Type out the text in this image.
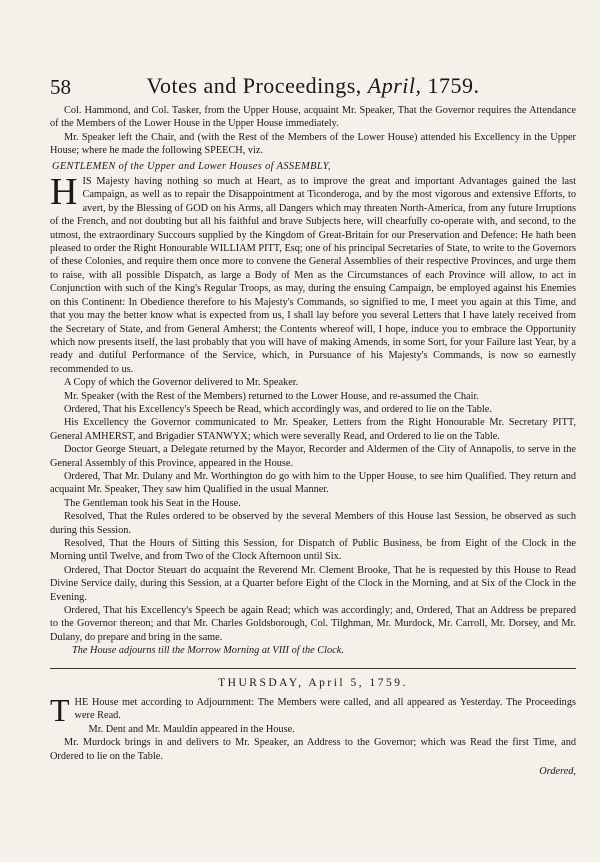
58	Votes and Proceedings, April, 1759.

Col. Hammond, and Col. Tasker, from the Upper House, acquaint Mr. Speaker, That the Governor requires the Attendance of the Members of the Lower House in the Upper House immediately.

Mr. Speaker left the Chair, and (with the Rest of the Members of the Lower House) attended his Excellency in the Upper House; where he made the following SPEECH, viz.

GENTLEMEN of the Upper and Lower Houses of ASSEMBLY,

HIS Majesty having nothing so much at Heart, as to improve the great and important Advantages gained the last Campaign, as well as to repair the Disappointment at Ticonderoga, and by the most vigorous and extensive Efforts, to avert, by the Blessing of GOD on his Arms, all Dangers which may threaten North-America, from any future Irruptions of the French, and not doubting but all his faithful and brave Subjects here, will chearfully co-operate with, and second, to the utmost, the extraordinary Succours supplied by the Kingdom of Great-Britain for our Preservation and Defence: He hath been pleased to order the Right Honourable WILLIAM PITT, Esq; one of his principal Secretaries of State, to write to the Governors of these Colonies, and require them once more to convene the General Assemblies of their respective Provinces, and urge them to raise, with all possible Dispatch, as large a Body of Men as the Circumstances of each Province will allow, to act in Conjunction with such of the King's Regular Troops, as may, during the ensuing Campaign, be employed against his Enemies on this Continent: In Obedience therefore to his Majesty's Commands, so signified to me, I meet you again at this Time, and that you may the better know what is expected from us, I shall lay before you several Letters that I have lately received from the Secretary of State, and from General Amherst; the Contents whereof will, I hope, induce you to embrace the Opportunity which now presents itself, the last probably that you will have of making Amends, in some Sort, for your Failure last Year, by a ready and dutiful Performance of the Service, which, in Pursuance of his Majesty's Commands, is now so earnestly recommended to us.

A Copy of which the Governor delivered to Mr. Speaker.

Mr. Speaker (with the Rest of the Members) returned to the Lower House, and re-assumed the Chair.

Ordered, That his Excellency's Speech be Read, which accordingly was, and ordered to lie on the Table.

His Excellency the Governor communicated to Mr. Speaker, Letters from the Right Honourable Mr. Secretary PITT, General AMHERST, and Brigadier STANWYX; which were severally Read, and Ordered to lie on the Table.

Doctor George Steuart, a Delegate returned by the Mayor, Recorder and Aldermen of the City of Annapolis, to serve in the General Assembly of this Province, appeared in the House.

Ordered, That Mr. Dulany and Mr. Worthington do go with him to the Upper House, to see him Qualified. They return and acquaint Mr. Speaker, They saw him Qualified in the usual Manner.

The Gentleman took his Seat in the House.

Resolved, That the Rules ordered to be observed by the several Members of this House last Session, be observed as such during this Session.

Resolved, That the Hours of Sitting this Session, for Dispatch of Public Business, be from Eight of the Clock in the Morning until Twelve, and from Two of the Clock Afternoon until Six.

Ordered, That Doctor Steuart do acquaint the Reverend Mr. Clement Brooke, That he is requested by this House to Read Divine Service daily, during this Session, at a Quarter before Eight of the Clock in the Morning, and at Six of the Clock in the Evening.

Ordered, That his Excellency's Speech be again Read; which was accordingly; and, Ordered, That an Address be prepared to the Governor thereon; and that Mr. Charles Goldsborough, Col. Tilghman, Mr. Murdock, Mr. Carroll, Mr. Dorsey, and Mr. Dulany, do prepare and bring in the same.

The House adjourns till the Morrow Morning at VIII of the Clock.

THURSDAY, April 5, 1759.

THE House met according to Adjournment: The Members were called, and all appeared as Yesterday. The Proceedings were Read.

Mr. Dent and Mr. Mauldin appeared in the House.

Mr. Murdock brings in and delivers to Mr. Speaker, an Address to the Governor; which was Read the first Time, and Ordered to lie on the Table.

Ordered,
